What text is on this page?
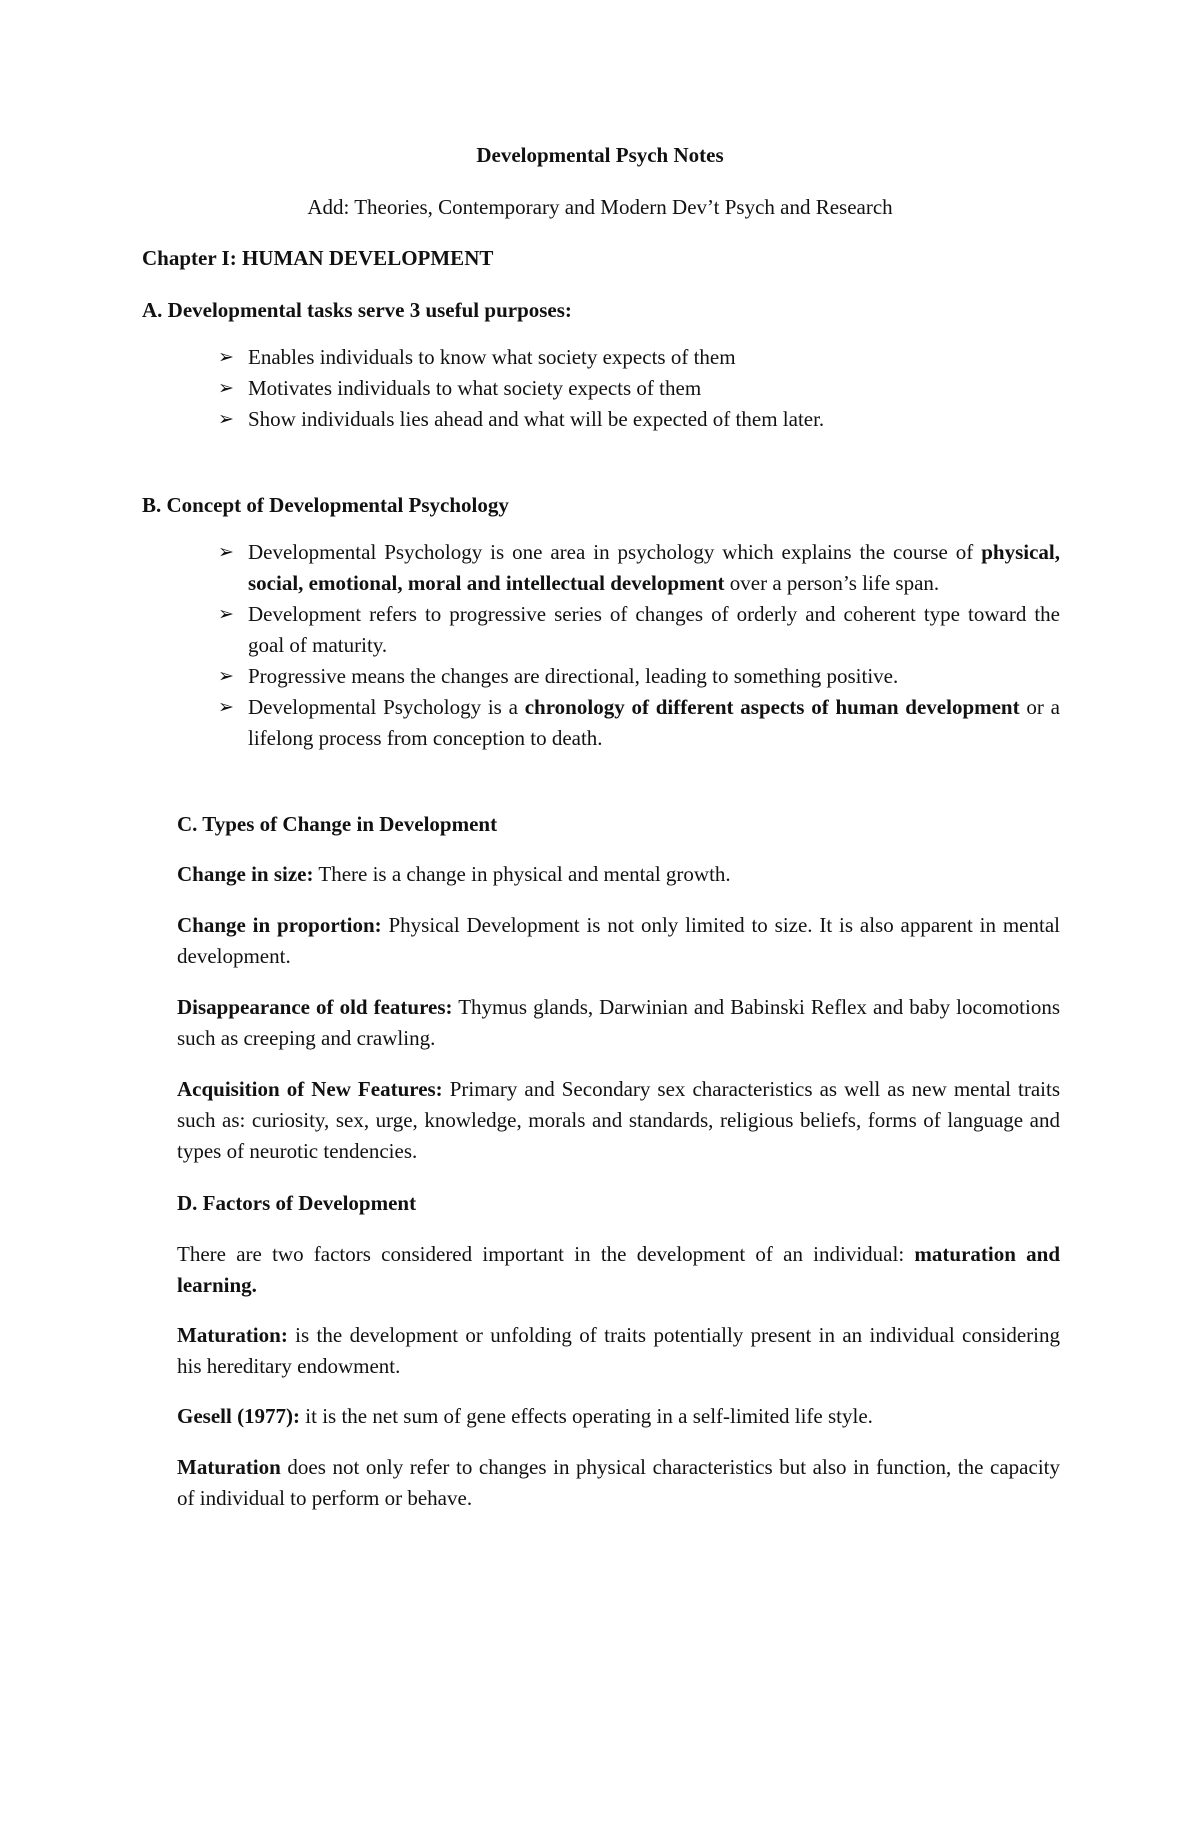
Developmental Psych Notes
Add: Theories, Contemporary and Modern Dev’t Psych and Research
Chapter I: HUMAN DEVELOPMENT
A. Developmental tasks serve 3 useful purposes:
➢ Enables individuals to know what society expects of them
➢ Motivates individuals to what society expects of them
➢ Show individuals lies ahead and what will be expected of them later.
B. Concept of Developmental Psychology
➢ Developmental Psychology is one area in psychology which explains the course of physical, social, emotional, moral and intellectual development over a person’s life span.
➢ Development refers to progressive series of changes of orderly and coherent type toward the goal of maturity.
➢ Progressive means the changes are directional, leading to something positive.
➢ Developmental Psychology is a chronology of different aspects of human development or a lifelong process from conception to death.
C. Types of Change in Development

Change in size: There is a change in physical and mental growth.

Change in proportion: Physical Development is not only limited to size. It is also apparent in mental development.

Disappearance of old features: Thymus glands, Darwinian and Babinski Reflex and baby locomotions such as creeping and crawling.

Acquisition of New Features: Primary and Secondary sex characteristics as well as new mental traits such as: curiosity, sex, urge, knowledge, morals and standards, religious beliefs, forms of language and types of neurotic tendencies.

D. Factors of Development

There are two factors considered important in the development of an individual: maturation and learning.

Maturation: is the development or unfolding of traits potentially present in an individual considering his hereditary endowment.

Gesell (1977): it is the net sum of gene effects operating in a self-limited life style.

Maturation does not only refer to changes in physical characteristics but also in function, the capacity of individual to perform or behave.
